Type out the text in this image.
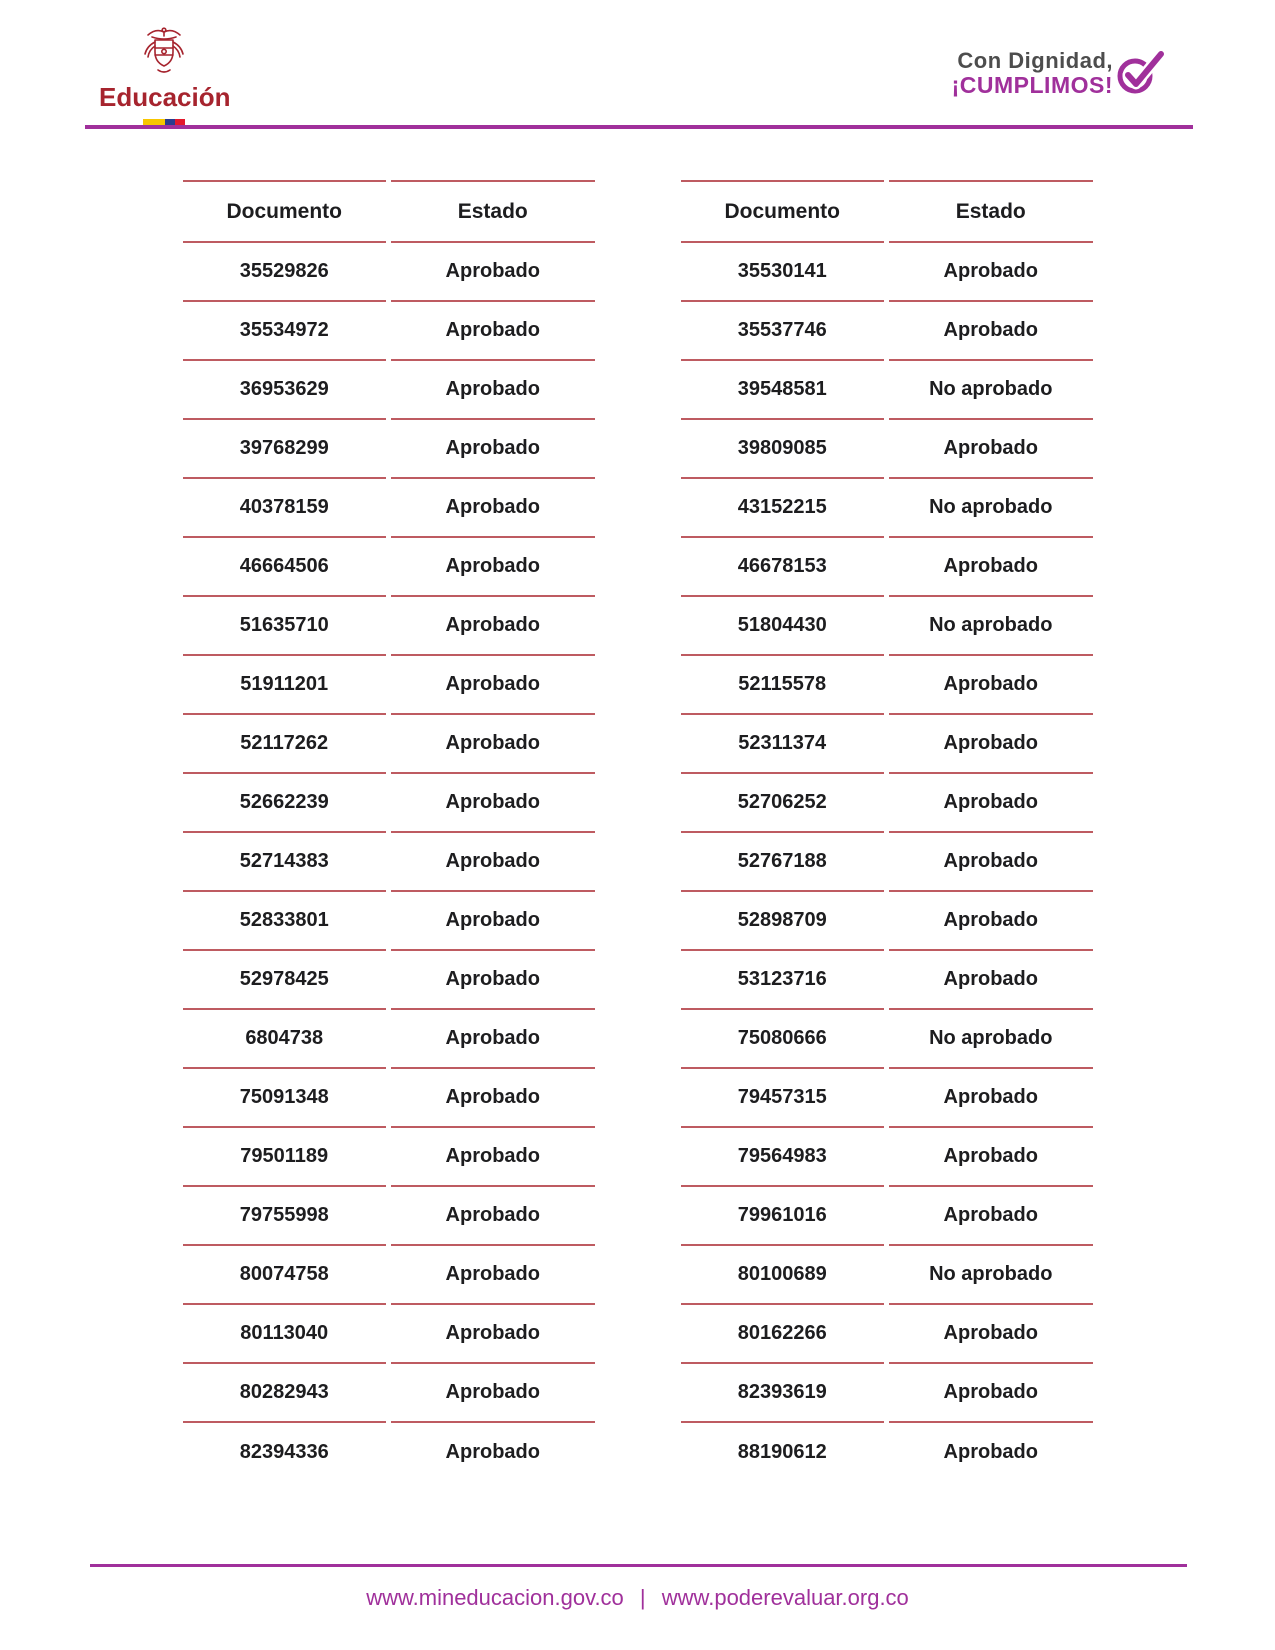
Educación
Con Dignidad,
¡CUMPLIMOS!
Documento	Estado
35529826	Aprobado
35534972	Aprobado
36953629	Aprobado
39768299	Aprobado
40378159	Aprobado
46664506	Aprobado
51635710	Aprobado
51911201	Aprobado
52117262	Aprobado
52662239	Aprobado
52714383	Aprobado
52833801	Aprobado
52978425	Aprobado
6804738	Aprobado
75091348	Aprobado
79501189	Aprobado
79755998	Aprobado
80074758	Aprobado
80113040	Aprobado
80282943	Aprobado
82394336	Aprobado
Documento	Estado
35530141	Aprobado
35537746	Aprobado
39548581	No aprobado
39809085	Aprobado
43152215	No aprobado
46678153	Aprobado
51804430	No aprobado
52115578	Aprobado
52311374	Aprobado
52706252	Aprobado
52767188	Aprobado
52898709	Aprobado
53123716	Aprobado
75080666	No aprobado
79457315	Aprobado
79564983	Aprobado
79961016	Aprobado
80100689	No aprobado
80162266	Aprobado
82393619	Aprobado
88190612	Aprobado
www.mineducacion.gov.co | www.poderevaluar.org.co
